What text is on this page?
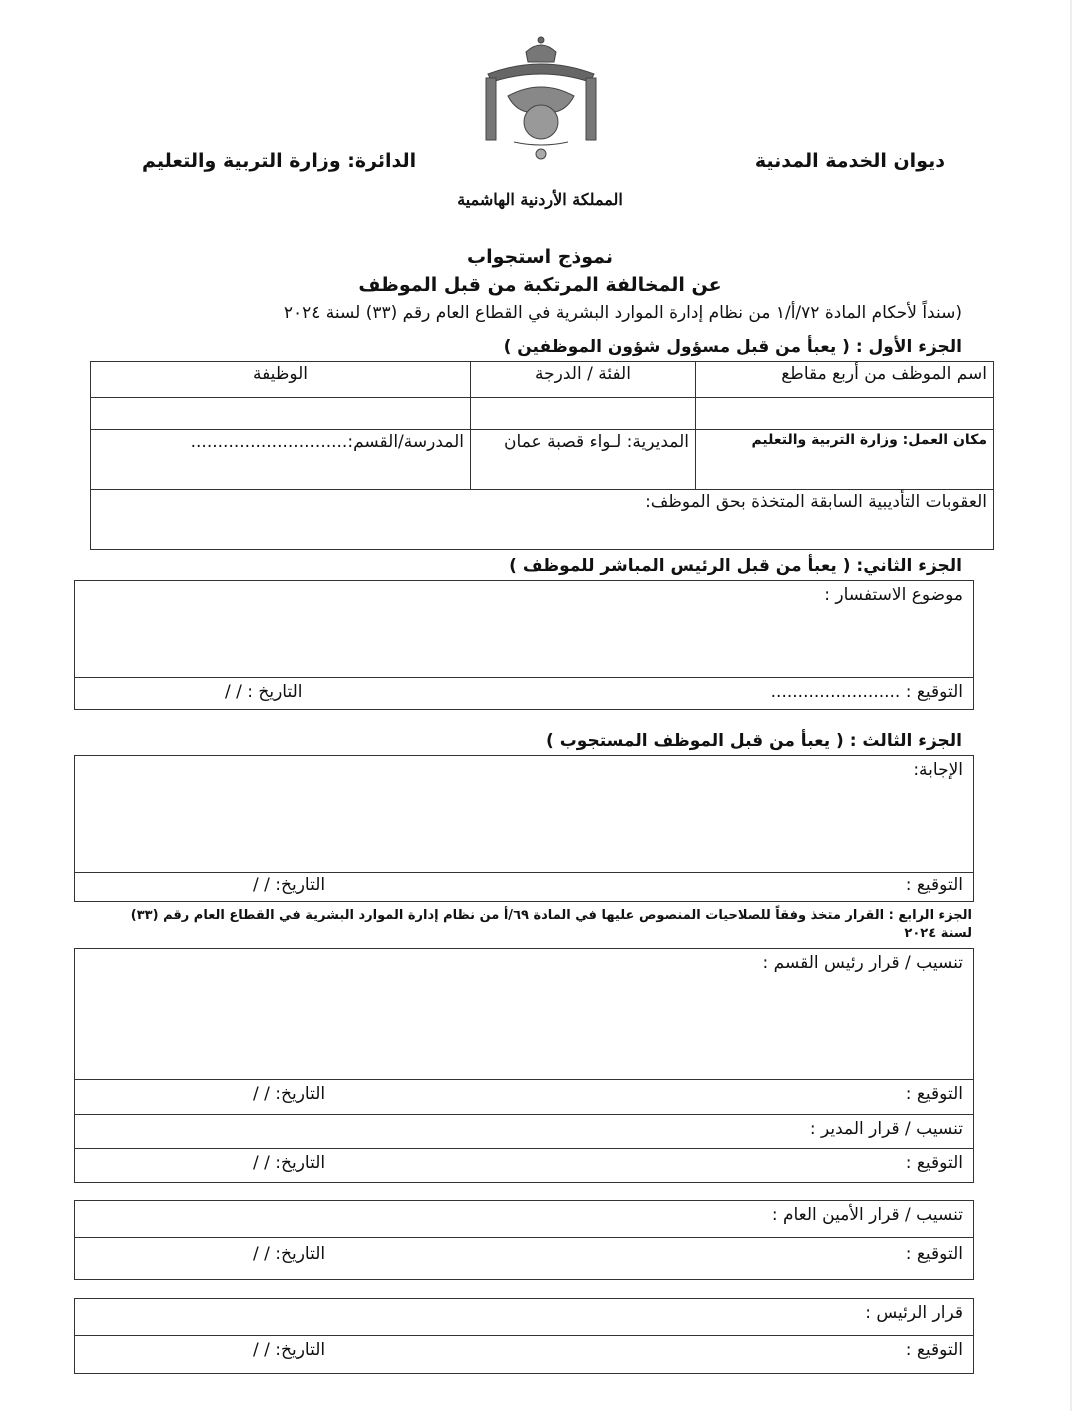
ديوان الخدمة المدنية
الدائرة: وزارة التربية والتعليم
المملكة الأردنية الهاشمية
نموذج استجواب
عن المخالفة المرتكبة من قبل الموظف
(سنداً لأحكام المادة ٧٢/أ/١ من نظام إدارة الموارد البشرية في القطاع العام رقم (٣٣) لسنة ٢٠٢٤
الجزء الأول : ( يعبأ من قبل مسؤول شؤون الموظفين )
اسم الموظف من أربع مقاطع	الفئة / الدرجة	الوظيفة

مكان العمل: وزارة التربية والتعليم	المديرية: لـواء قصبة عمان	المدرسة/القسم:.............................
العقوبات التأديبية السابقة المتخذة بحق الموظف:		
الجزء الثاني: ( يعبأ من قبل الرئيس المباشر للموظف )
موضوع الاستفسار :
التوقيع : ........................
التاريخ : / /
الجزء الثالث : ( يعبأ من قبل الموظف المستجوب )
الإجابة:
التوقيع :
التاريخ: / /
الجزء الرابع : القرار متخذ وفقاً للصلاحيات المنصوص عليها في المادة ٦٩/أ من نظام إدارة الموارد البشرية في القطاع العام رقم (٣٣) لسنة ٢٠٢٤
تنسيب / قرار رئيس القسم :
التوقيع :
التاريخ: / /
تنسيب / قرار المدير :
التوقيع :
التاريخ: / /
تنسيب / قرار الأمين العام :
التوقيع :
التاريخ: / /
قرار الرئيس :
التوقيع :
التاريخ: / /
